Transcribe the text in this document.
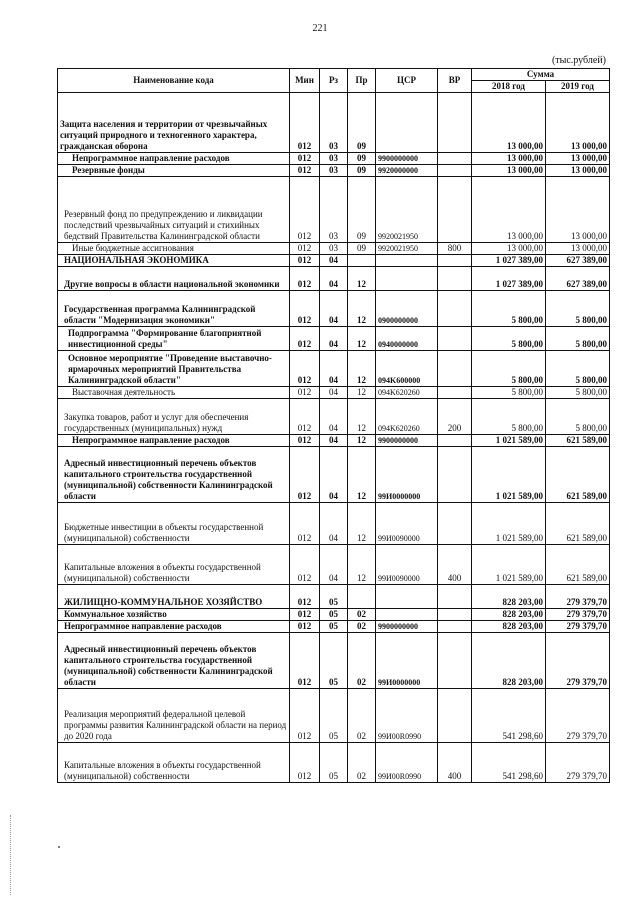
221
(тыс.рублей)
Наименование кода	Мин	Рз	Пр	ЦСР	ВР	Сумма	
						2018 год	2019 год
Защита населения и территории от чрезвычайных ситуаций природного и техногенного характера, гражданская оборона	012	03	09			13 000,00	13 000,00
Непрограммное направление расходов	012	03	09	9900000000		13 000,00	13 000,00
Резервные фонды	012	03	09	9920000000		13 000,00	13 000,00
Резервный фонд по предупреждению и ликвидации последствий чрезвычайных ситуаций и стихийных бедствий Правительства Калининградской области	012	03	09	9920021950		13 000,00	13 000,00
Иные бюджетные ассигнования	012	03	09	9920021950	800	13 000,00	13 000,00
НАЦИОНАЛЬНАЯ ЭКОНОМИКА	012	04				1 027 389,00	627 389,00
Другие вопросы в области национальной экономики	012	04	12			1 027 389,00	627 389,00
Государственная программа Калининградской области "Модернизация экономики"	012	04	12	0900000000		5 800,00	5 800,00
Подпрограмма "Формирование благоприятной инвестиционной среды"	012	04	12	0940000000		5 800,00	5 800,00
Основное мероприятие "Проведение выставочно-ярмарочных мероприятий Правительства Калининградской области"	012	04	12	094K600000		5 800,00	5 800,00
Выставочная деятельность	012	04	12	094K620260		5 800,00	5 800,00
Закупка товаров, работ и услуг для обеспечения государственных (муниципальных) нужд	012	04	12	094K620260	200	5 800,00	5 800,00
Непрограммное направление расходов	012	04	12	9900000000		1 021 589,00	621 589,00
Адресный инвестиционный перечень объектов капитального строительства государственной (муниципальной) собственности Калининградской области	012	04	12	99И0000000		1 021 589,00	621 589,00
Бюджетные инвестиции в объекты государственной (муниципальной) собственности	012	04	12	99И0090000		1 021 589,00	621 589,00
Капитальные вложения в объекты государственной (муниципальной) собственности	012	04	12	99И0090000	400	1 021 589,00	621 589,00
ЖИЛИЩНО-КОММУНАЛЬНОЕ ХОЗЯЙСТВО	012	05				828 203,00	279 379,70
Коммунальное хозяйство	012	05	02			828 203,00	279 379,70
Непрограммное направление расходов	012	05	02	9900000000		828 203,00	279 379,70
Адресный инвестиционный перечень объектов капитального строительства государственной (муниципальной) собственности Калининградской области	012	05	02	99И0000000		828 203,00	279 379,70
Реализация мероприятий федеральной целевой программы развития Калининградской области на период до 2020 года	012	05	02	99И00R0990		541 298,60	279 379,70
Капитальные вложения в объекты государственной (муниципальной) собственности	012	05	02	99И00R0990	400	541 298,60	279 379,70
